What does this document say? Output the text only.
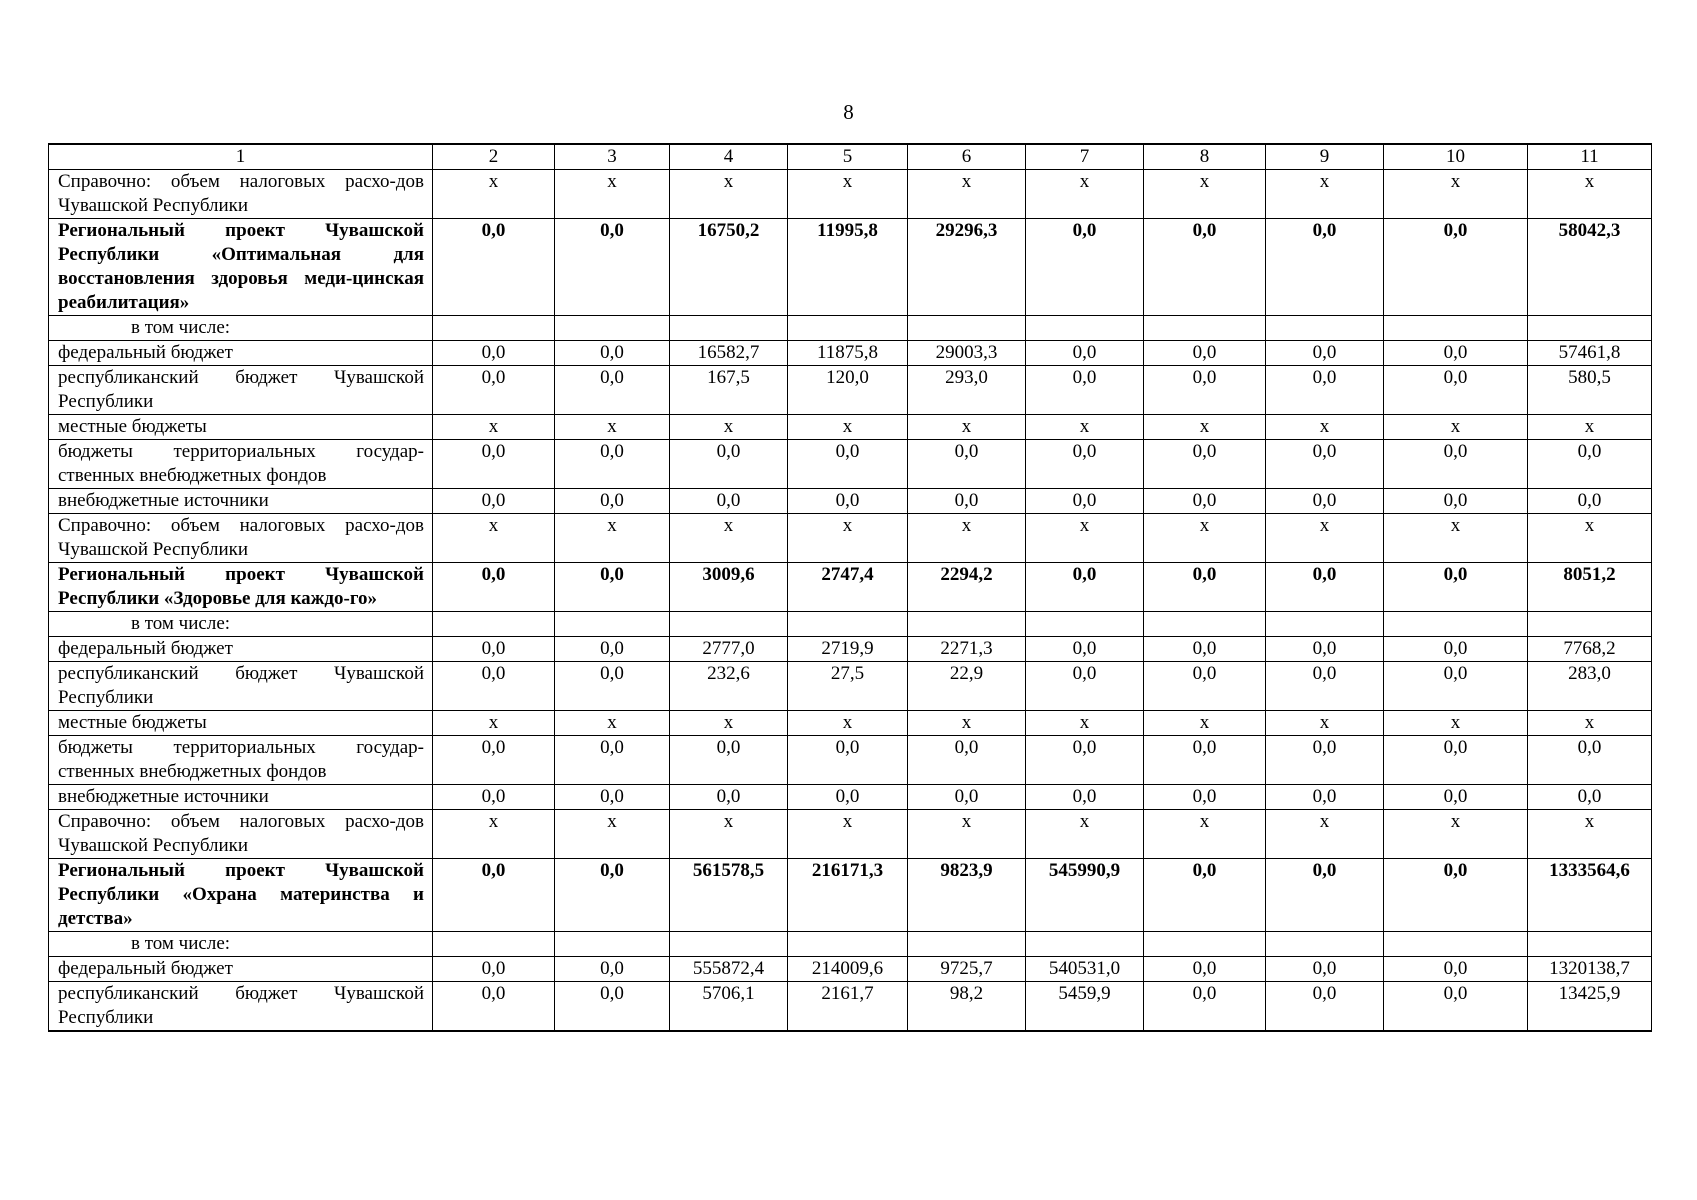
8
1	2	3	4	5	6	7	8	9	10	11
Справочно: объем налоговых расхо-дов Чувашской Республики	x	x	x	x	x	x	x	x	x	x
Региональный проект Чувашской Республики «Оптимальная для восстановления здоровья меди-цинская реабилитация»	0,0	0,0	16750,2	11995,8	29296,3	0,0	0,0	0,0	0,0	58042,3
в том числе:										
федеральный бюджет	0,0	0,0	16582,7	11875,8	29003,3	0,0	0,0	0,0	0,0	57461,8
республиканский бюджет Чувашской Республики	0,0	0,0	167,5	120,0	293,0	0,0	0,0	0,0	0,0	580,5
местные бюджеты	x	x	x	x	x	x	x	x	x	x
бюджеты территориальных государ-ственных внебюджетных фондов	0,0	0,0	0,0	0,0	0,0	0,0	0,0	0,0	0,0	0,0
внебюджетные источники	0,0	0,0	0,0	0,0	0,0	0,0	0,0	0,0	0,0	0,0
Справочно: объем налоговых расхо-дов Чувашской Республики	x	x	x	x	x	x	x	x	x	x
Региональный проект Чувашской Республики «Здоровье для каждо-го»	0,0	0,0	3009,6	2747,4	2294,2	0,0	0,0	0,0	0,0	8051,2
в том числе:										
федеральный бюджет	0,0	0,0	2777,0	2719,9	2271,3	0,0	0,0	0,0	0,0	7768,2
республиканский бюджет Чувашской Республики	0,0	0,0	232,6	27,5	22,9	0,0	0,0	0,0	0,0	283,0
местные бюджеты	x	x	x	x	x	x	x	x	x	x
бюджеты территориальных государ-ственных внебюджетных фондов	0,0	0,0	0,0	0,0	0,0	0,0	0,0	0,0	0,0	0,0
внебюджетные источники	0,0	0,0	0,0	0,0	0,0	0,0	0,0	0,0	0,0	0,0
Справочно: объем налоговых расхо-дов Чувашской Республики	x	x	x	x	x	x	x	x	x	x
Региональный проект Чувашской Республики «Охрана материнства и детства»	0,0	0,0	561578,5	216171,3	9823,9	545990,9	0,0	0,0	0,0	1333564,6
в том числе:										
федеральный бюджет	0,0	0,0	555872,4	214009,6	9725,7	540531,0	0,0	0,0	0,0	1320138,7
республиканский бюджет Чувашской Республики	0,0	0,0	5706,1	2161,7	98,2	5459,9	0,0	0,0	0,0	13425,9
